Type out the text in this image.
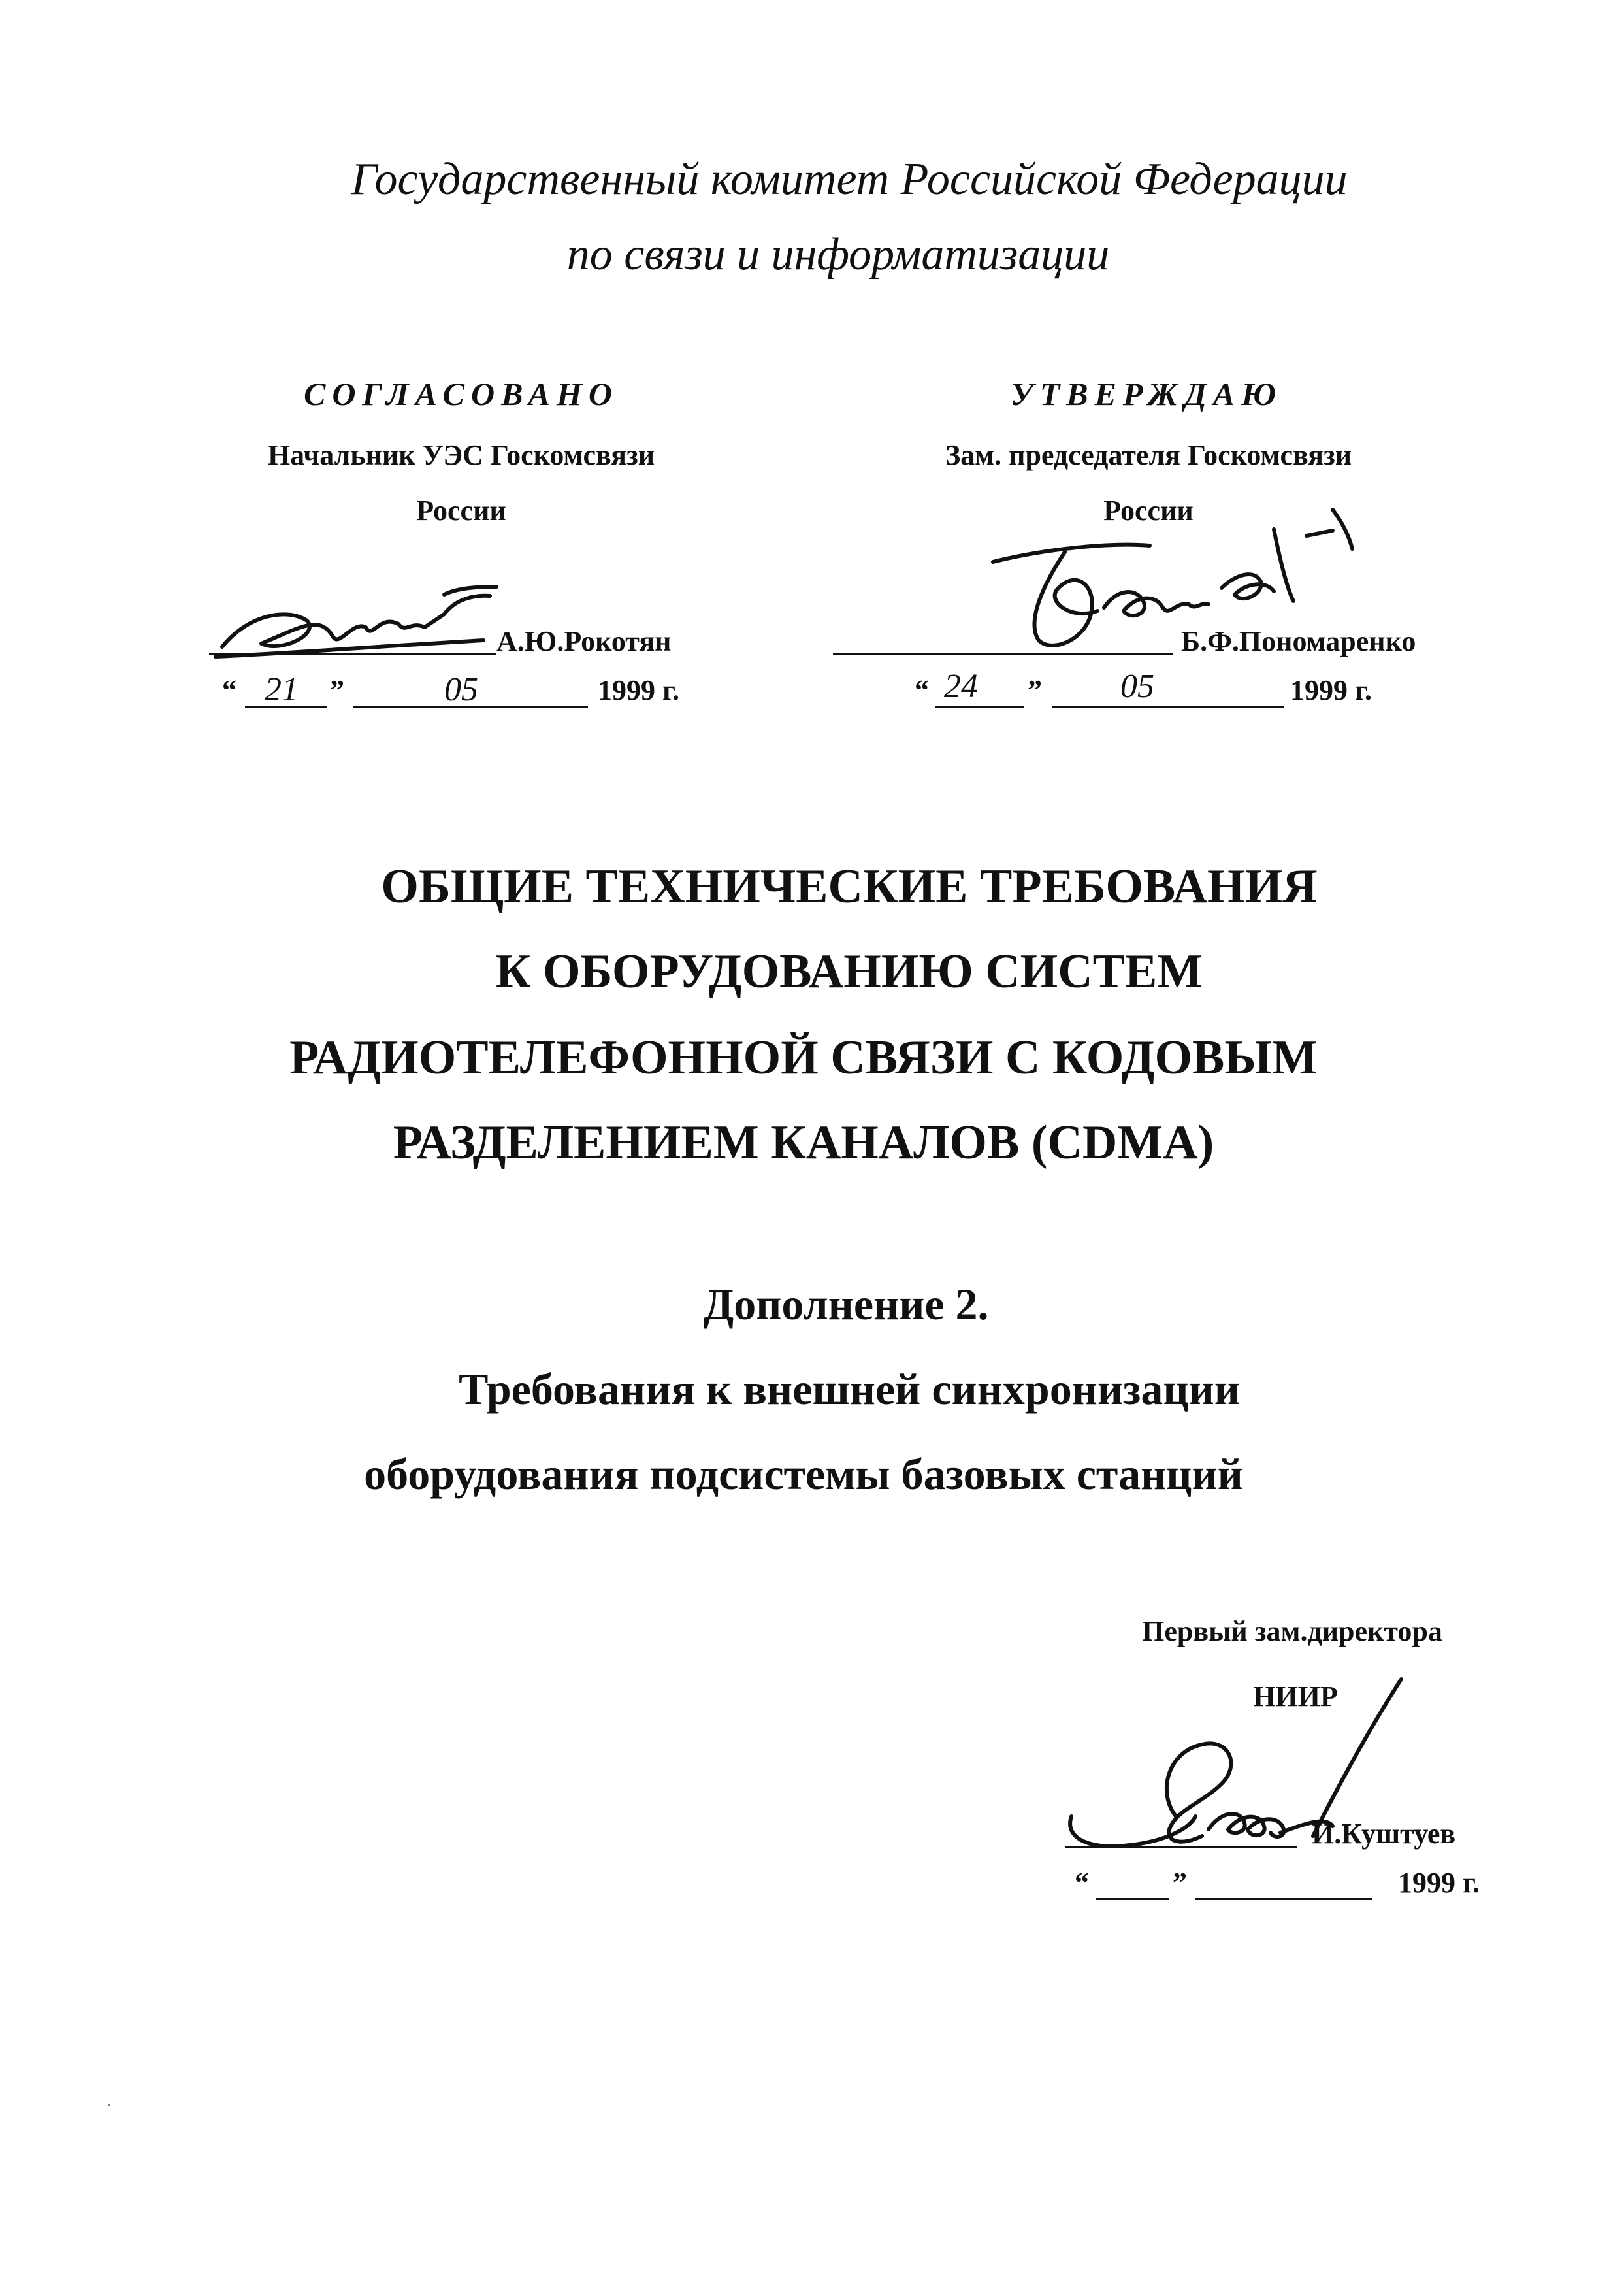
Государственный комитет Российской Федерации
по связи и информатизации
СОГЛАСОВАНО
Начальник УЭС Госкомсвязи
России
А.Ю.Рокотян
“ 21 ”	05	1999 г.
УТВЕРЖДАЮ
Зам. председателя Госкомсвязи
России
Б.Ф.Пономаренко
“ 24 ” 05	1999 г.
ОБЩИЕ ТЕХНИЧЕСКИЕ ТРЕБОВАНИЯ
К ОБОРУДОВАНИЮ СИСТЕМ
РАДИОТЕЛЕФОННОЙ СВЯЗИ С КОДОВЫМ
РАЗДЕЛЕНИЕМ КАНАЛОВ (CDMA)
Дополнение 2.
Требования к внешней синхронизации
оборудования подсистемы базовых станций
Первый зам.директора
НИИР
И.Куштуев
“	”	1999 г.
